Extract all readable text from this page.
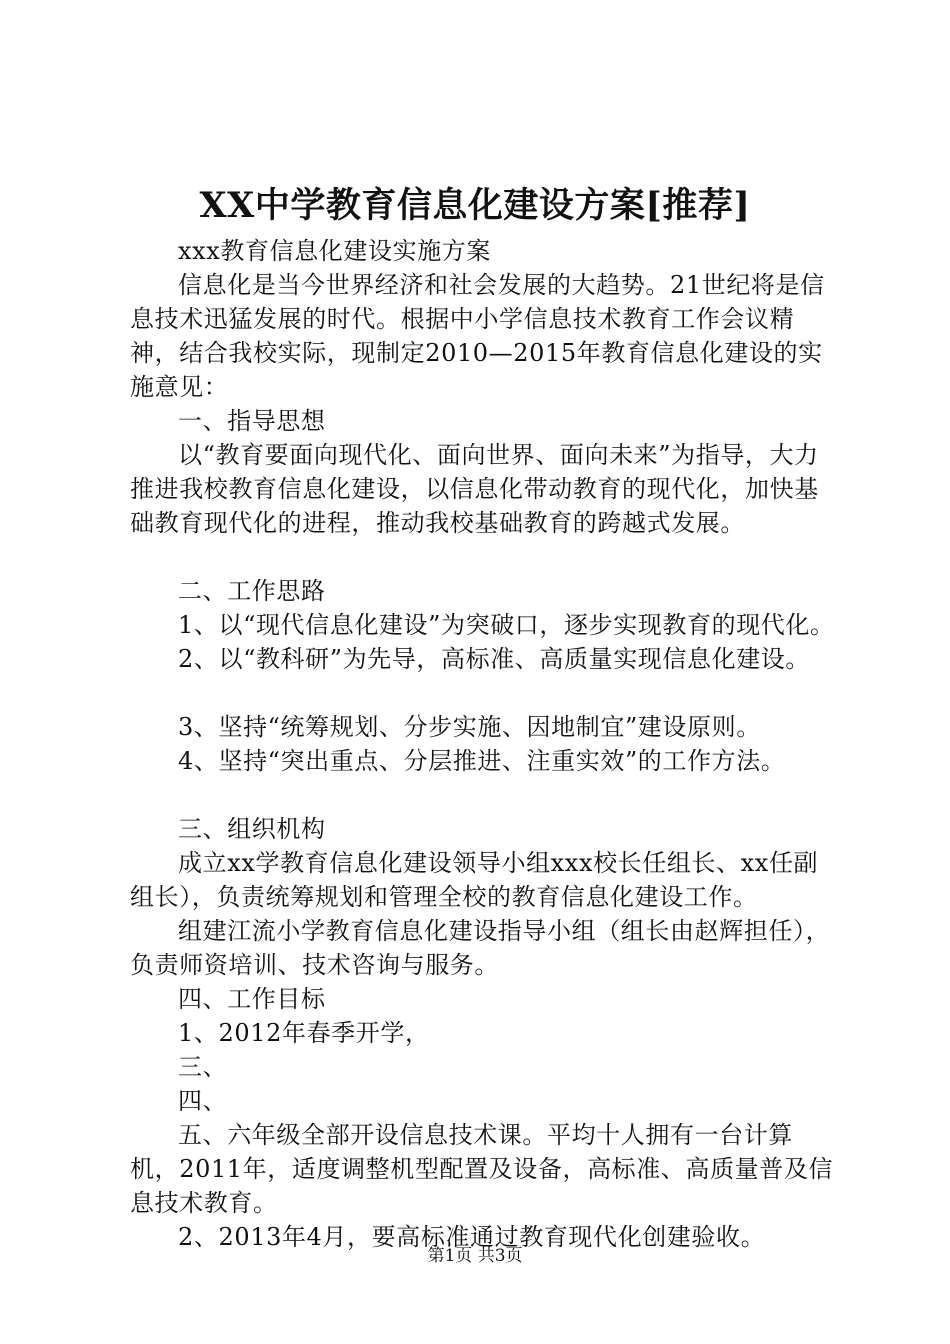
XX中学教育信息化建设方案[推荐]

xxx教育信息化建设实施方案

信息化是当今世界经济和社会发展的大趋势。21世纪将是信息技术迅猛发展的时代。根据中小学信息技术教育工作会议精神，结合我校实际，现制定2010—2015年教育信息化建设的实施意见：

一、指导思想

以“教育要面向现代化、面向世界、面向未来”为指导，大力推进我校教育信息化建设，以信息化带动教育的现代化，加快基础教育现代化的进程，推动我校基础教育的跨越式发展。

二、工作思路

1、以“现代信息化建设”为突破口，逐步实现教育的现代化。

2、以“教科研”为先导，高标准、高质量实现信息化建设。

3、坚持“统筹规划、分步实施、因地制宜”建设原则。

4、坚持“突出重点、分层推进、注重实效”的工作方法。

三、组织机构

成立xx学教育信息化建设领导小组xxx校长任组长、xx任副组长），负责统筹规划和管理全校的教育信息化建设工作。

组建江流小学教育信息化建设指导小组（组长由赵辉担任），负责师资培训、技术咨询与服务。

四、工作目标

1、2012年春季开学，

三、

四、

五、六年级全部开设信息技术课。平均十人拥有一台计算机，2011年，适度调整机型配置及设备，高标准、高质量普及信息技术教育。

2、2013年4月，要高标准通过教育现代化创建验收。

第1页 共3页
